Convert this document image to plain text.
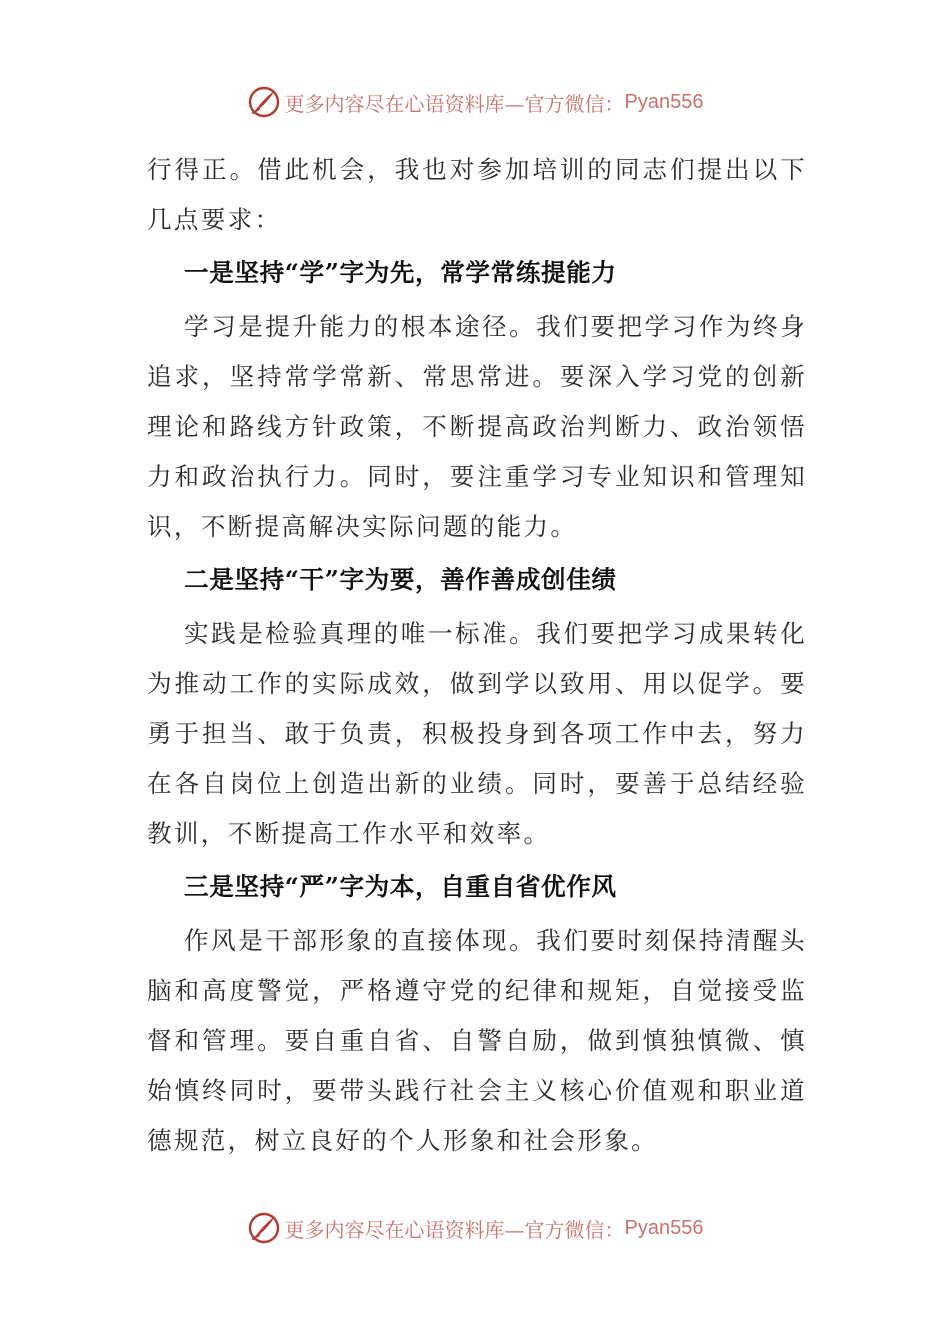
更多内容尽在心语资料库—官方微信： Pyan556

行得正。借此机会，我也对参加培训的同志们提出以下几点要求：

一是坚持“学”字为先，常学常练提能力

学习是提升能力的根本途径。我们要把学习作为终身追求，坚持常学常新、常思常进。要深入学习党的创新理论和路线方针政策，不断提高政治判断力、政治领悟力和政治执行力。同时，要注重学习专业知识和管理知识，不断提高解决实际问题的能力。

二是坚持“干”字为要，善作善成创佳绩

实践是检验真理的唯一标准。我们要把学习成果转化为推动工作的实际成效，做到学以致用、用以促学。要勇于担当、敢于负责，积极投身到各项工作中去，努力在各自岗位上创造出新的业绩。同时，要善于总结经验教训，不断提高工作水平和效率。

三是坚持“严”字为本，自重自省优作风

作风是干部形象的直接体现。我们要时刻保持清醒头脑和高度警觉，严格遵守党的纪律和规矩，自觉接受监督和管理。要自重自省、自警自励，做到慎独慎微、慎始慎终同时，要带头践行社会主义核心价值观和职业道德规范，树立良好的个人形象和社会形象。

更多内容尽在心语资料库—官方微信： Pyan556
